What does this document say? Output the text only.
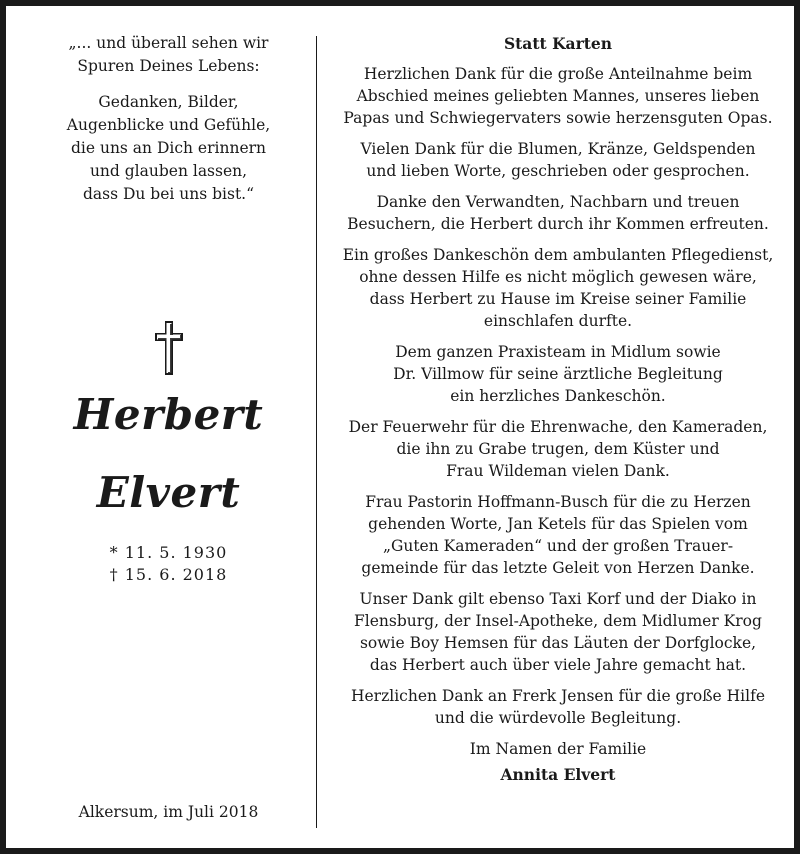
„... und überall sehen wir
Spuren Deines Lebens:

Gedanken, Bilder,
Augenblicke und Gefühle,
die uns an Dich erinnern
und glauben lassen,
dass Du bei uns bist.“

Herbert
Elvert
* 11. 5. 1930
† 15. 6. 2018
Alkersum, im Juli 2018

Statt Karten

Herzlichen Dank für die große Anteilnahme beim
Abschied meines geliebten Mannes, unseres lieben
Papas und Schwiegervaters sowie herzensguten Opas.

Vielen Dank für die Blumen, Kränze, Geldspenden
und lieben Worte, geschrieben oder gesprochen.

Danke den Verwandten, Nachbarn und treuen
Besuchern, die Herbert durch ihr Kommen erfreuten.

Ein großes Dankeschön dem ambulanten Pflegedienst,
ohne dessen Hilfe es nicht möglich gewesen wäre,
dass Herbert zu Hause im Kreise seiner Familie
einschlafen durfte.

Dem ganzen Praxisteam in Midlum sowie
Dr. Villmow für seine ärztliche Begleitung
ein herzliches Dankeschön.

Der Feuerwehr für die Ehrenwache, den Kameraden,
die ihn zu Grabe trugen, dem Küster und
Frau Wildeman vielen Dank.

Frau Pastorin Hoffmann-Busch für die zu Herzen
gehenden Worte, Jan Ketels für das Spielen vom
„Guten Kameraden“ und der großen Trauer-
gemeinde für das letzte Geleit von Herzen Danke.

Unser Dank gilt ebenso Taxi Korf und der Diako in
Flensburg, der Insel-Apotheke, dem Midlumer Krog
sowie Boy Hemsen für das Läuten der Dorfglocke,
das Herbert auch über viele Jahre gemacht hat.

Herzlichen Dank an Frerk Jensen für die große Hilfe
und die würdevolle Begleitung.

Im Namen der Familie

Annita Elvert
